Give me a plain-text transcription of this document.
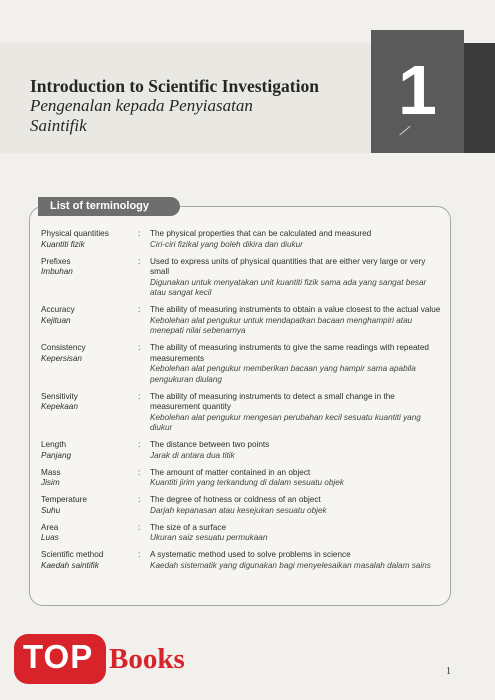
Introduction to Scientific Investigation
Pengenalan kepada Penyiasatan
Saintifik	1
List of terminology
Physical quantities
Kuantiti fizik
:	The physical properties that can be calculated and measured
Ciri-ciri fizikal yang boleh dikira dan diukur
Prefixes
Imbuhan
:	Used to express units of physical quantities that are either very large or very small
Digunakan untuk menyatakan unit kuantiti fizik sama ada yang sangat besar atau sangat kecil
Accuracy
Kejituan
:	The ability of measuring instruments to obtain a value closest to the actual value
Kebolehan alat pengukur untuk mendapatkan bacaan menghampiri atau menepati nilai sebenarnya
Consistency
Kepersisan
:	The ability of measuring instruments to give the same readings with repeated measurements
Kebolehan alat pengukur memberikan bacaan yang hampir sama apabila pengukuran diulang
Sensitivity
Kepekaan
:	The ability of measuring instruments to detect a small change in the measurement quantity
Kebolehan alat pengukur mengesan perubahan kecil sesuatu kuantiti yang diukur
Length
Panjang
:	The distance between two points
Jarak di antara dua titik
Mass
Jisim
:	The amount of matter contained in an object
Kuantiti jirim yang terkandung di dalam sesuatu objek
Temperature
Suhu
:	The degree of hotness or coldness of an object
Darjah kepanasan atau kesejukan sesuatu objek
Area
Luas
:	The size of a surface
Ukuran saiz sesuatu permukaan
Scientific method
Kaedah saintifik
:	A systematic method used to solve problems in science
Kaedah sistematik yang digunakan bagi menyelesaikan masalah dalam sains
TOP Books	1
